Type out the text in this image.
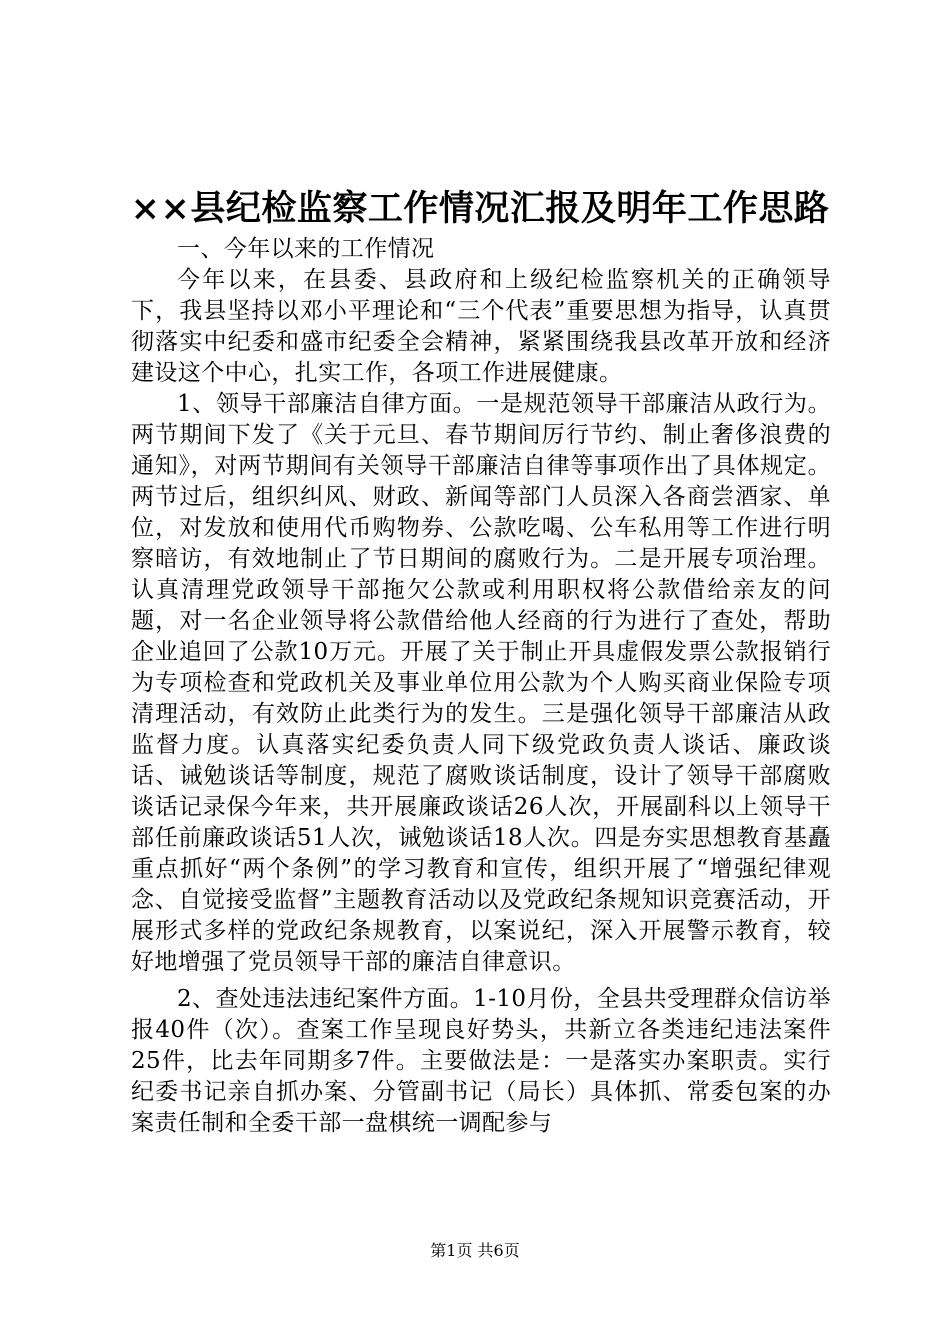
××县纪检监察工作情况汇报及明年工作思路

一、今年以来的工作情况

今年以来，在县委、县政府和上级纪检监察机关的正确领导下，我县坚持以邓小平理论和“三个代表”重要思想为指导，认真贯彻落实中纪委和盛市纪委全会精神，紧紧围绕我县改革开放和经济建设这个中心，扎实工作，各项工作进展健康。

1、领导干部廉洁自律方面。一是规范领导干部廉洁从政行为。两节期间下发了《关于元旦、春节期间厉行节约、制止奢侈浪费的通知》，对两节期间有关领导干部廉洁自律等事项作出了具体规定。两节过后，组织纠风、财政、新闻等部门人员深入各商尝酒家、单位，对发放和使用代币购物券、公款吃喝、公车私用等工作进行明察暗访，有效地制止了节日期间的腐败行为。二是开展专项治理。认真清理党政领导干部拖欠公款或利用职权将公款借给亲友的问题，对一名企业领导将公款借给他人经商的行为进行了查处，帮助企业追回了公款10万元。开展了关于制止开具虚假发票公款报销行为专项检查和党政机关及事业单位用公款为个人购买商业保险专项清理活动，有效防止此类行为的发生。三是强化领导干部廉洁从政监督力度。认真落实纪委负责人同下级党政负责人谈话、廉政谈话、诫勉谈话等制度，规范了腐败谈话制度，设计了领导干部腐败谈话记录保今年来，共开展廉政谈话26人次，开展副科以上领导干部任前廉政谈话51人次，诫勉谈话18人次。四是夯实思想教育基矗重点抓好“两个条例”的学习教育和宣传，组织开展了“增强纪律观念、自觉接受监督”主题教育活动以及党政纪条规知识竞赛活动，开展形式多样的党政纪条规教育，以案说纪，深入开展警示教育，较好地增强了党员领导干部的廉洁自律意识。

2、查处违法违纪案件方面。1-10月份，全县共受理群众信访举报40件（次）。查案工作呈现良好势头，共新立各类违纪违法案件25件，比去年同期多7件。主要做法是：一是落实办案职责。实行纪委书记亲自抓办案、分管副书记（局长）具体抓、常委包案的办案责任制和全委干部一盘棋统一调配参与

第1页 共6页
